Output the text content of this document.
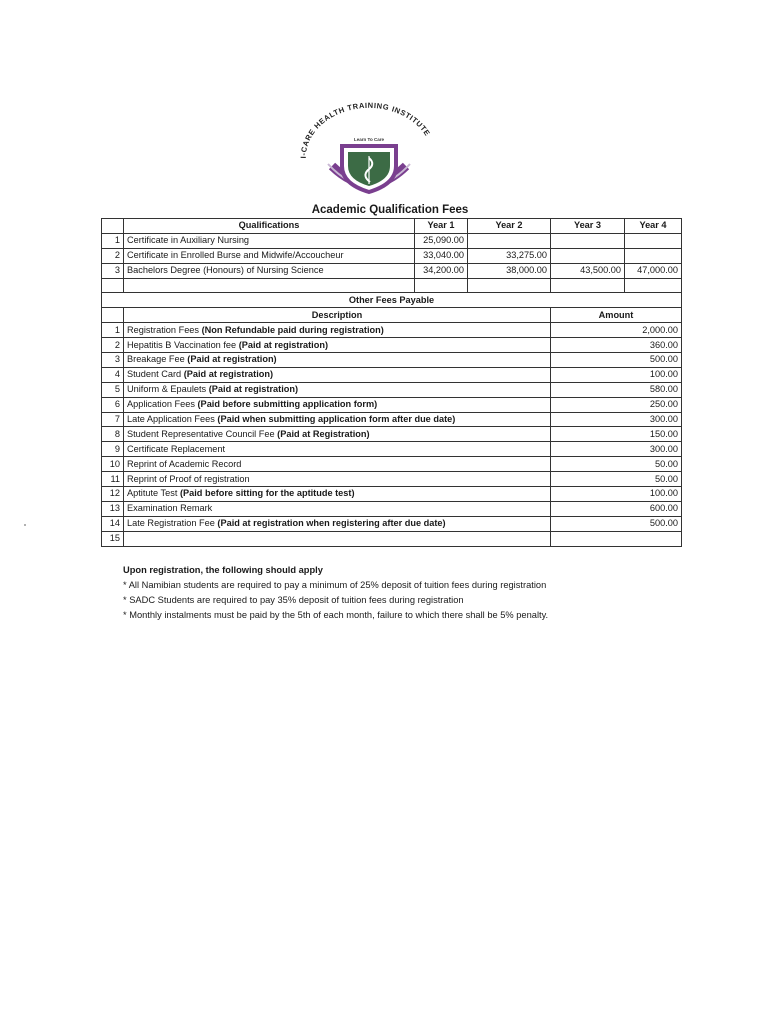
I-CARE HEALTH TRAINING INSTITUTE
Learn To Care
Academic Qualification Fees
	Qualifications	Year 1	Year 2	Year 3	Year 4
1	Certificate in Auxiliary Nursing	25,090.00			
2	Certificate in Enrolled Burse and Midwife/Accoucheur	33,040.00	33,275.00		
3	Bachelors Degree (Honours) of Nursing Science	34,200.00	38,000.00	43,500.00	47,000.00

Other Fees Payable					
	Description			Amount	
1	Registration Fees (Non Refundable paid during registration)			2,000.00	
2	Hepatitis B Vaccination fee (Paid at registration)			360.00	
3	Breakage Fee (Paid at registration)			500.00	
4	Student Card (Paid at registration)			100.00	
5	Uniform & Epaulets (Paid at registration)			580.00	
6	Application Fees (Paid before submitting application form)			250.00	
7	Late Application Fees (Paid when submitting application form after due date)			300.00	
8	Student Representative Council Fee (Paid at Registration)			150.00	
9	Certificate Replacement			300.00	
10	Reprint of Academic Record			50.00	
11	Reprint of Proof of registration			50.00	
12	Aptitute Test (Paid before sitting for the aptitude test)			100.00	
13	Examination Remark			600.00	
14	Late Registration Fee (Paid at registration when registering after due date)			500.00	
15					
Upon registration, the following should apply
* All Namibian students are required to pay a minimum of 25% deposit of tuition fees during registration
* SADC Students are required to pay 35% deposit of tuition fees during registration
* Monthly instalments must be paid by the 5th of each month, failure to which there shall be 5% penalty.
